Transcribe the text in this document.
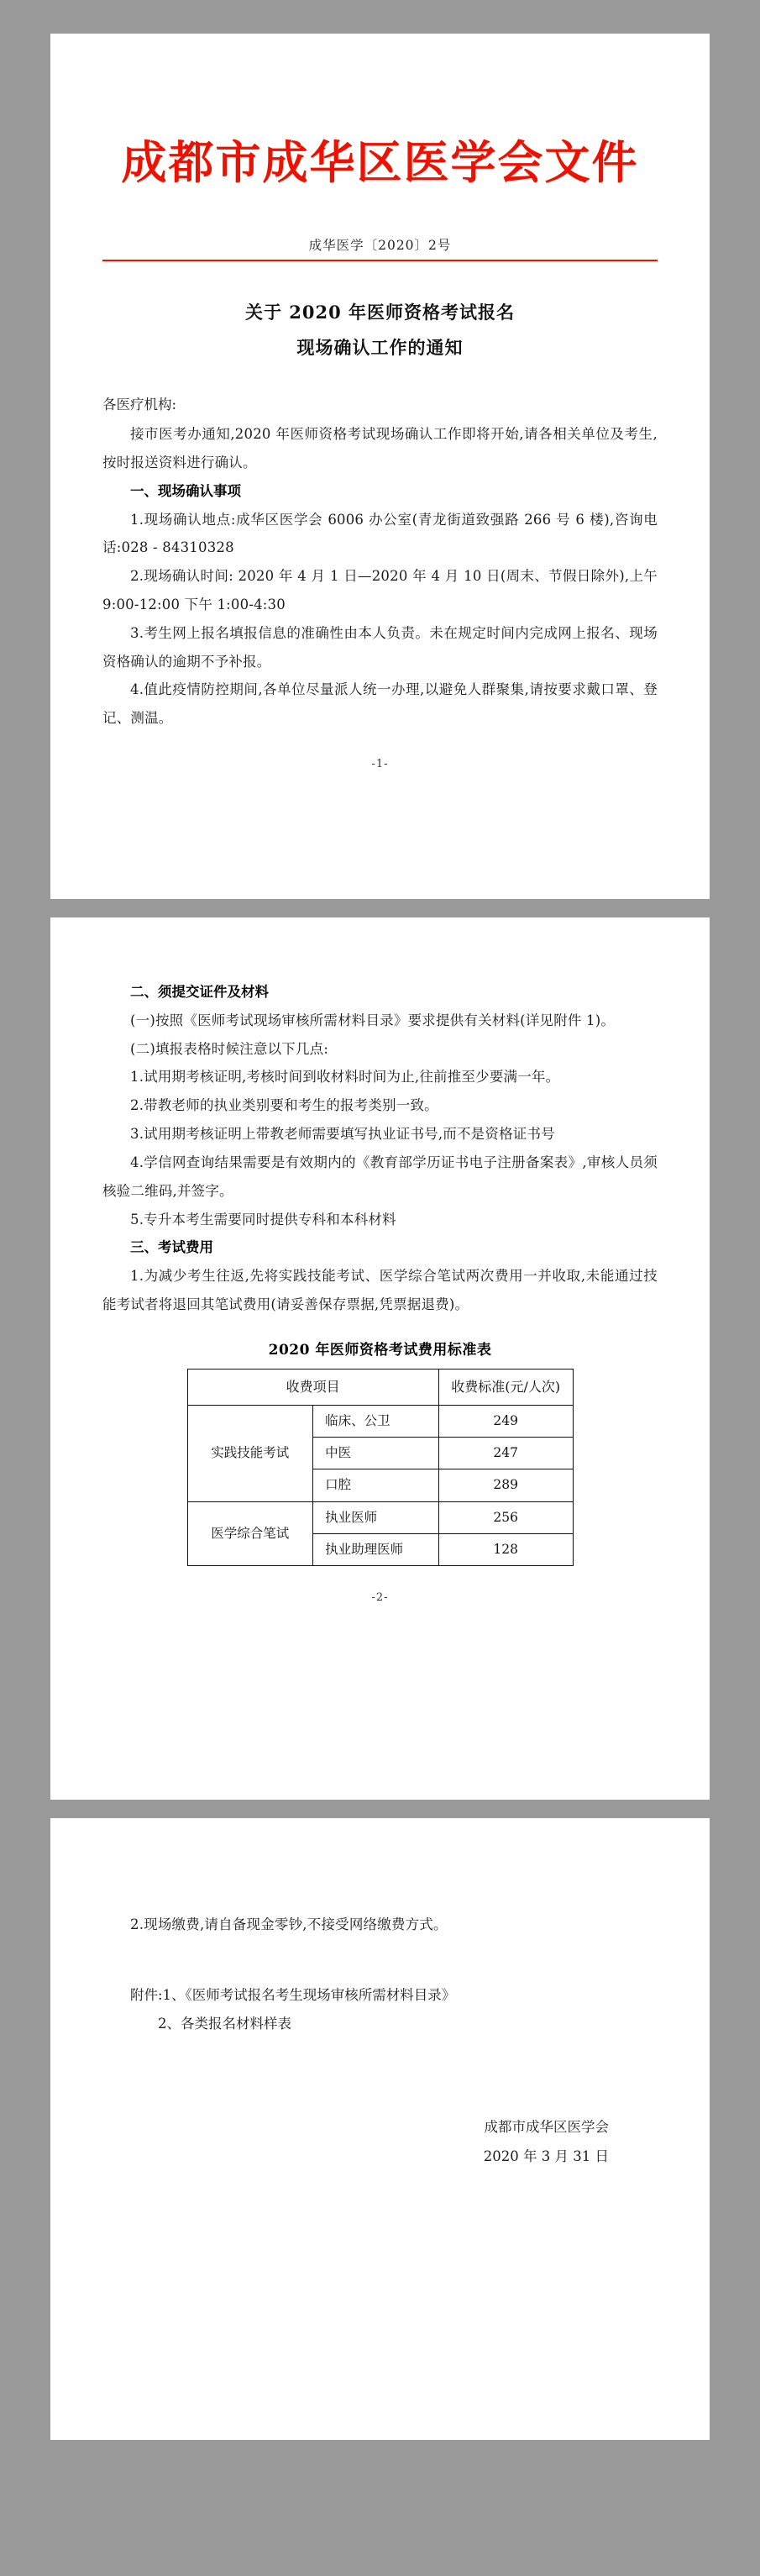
成都市成华区医学会文件
成华医学〔2020〕2号
关于 2020 年医师资格考试报名
现场确认工作的通知
各医疗机构:

接市医考办通知,2020 年医师资格考试现场确认工作即将开始,请各相关单位及考生,按时报送资料进行确认。

一、现场确认事项

1.现场确认地点:成华区医学会 6006 办公室(青龙街道致强路 266 号 6 楼),咨询电话:028 - 84310328

2.现场确认时间: 2020 年 4 月 1 日—2020 年 4 月 10 日(周末、节假日除外),上午 9:00-12:00 下午 1:00-4:30

3.考生网上报名填报信息的准确性由本人负责。未在规定时间内完成网上报名、现场资格确认的逾期不予补报。

4.值此疫情防控期间,各单位尽量派人统一办理,以避免人群聚集,请按要求戴口罩、登记、测温。

-1-
二、须提交证件及材料

(一)按照《医师考试现场审核所需材料目录》要求提供有关材料(详见附件 1)。

(二)填报表格时候注意以下几点:

1.试用期考核证明,考核时间到收材料时间为止,往前推至少要满一年。

2.带教老师的执业类别要和考生的报考类别一致。

3.试用期考核证明上带教老师需要填写执业证书号,而不是资格证书号

4.学信网查询结果需要是有效期内的《教育部学历证书电子注册备案表》,审核人员须核验二维码,并签字。

5.专升本考生需要同时提供专科和本科材料

三、考试费用

1.为减少考生往返,先将实践技能考试、医学综合笔试两次费用一并收取,未能通过技能考试者将退回其笔试费用(请妥善保存票据,凭票据退费)。

2020 年医师资格考试费用标准表
收费项目		收费标准(元/人次)
实践技能考试	临床、公卫	249
	中医	247
	口腔	289
医学综合笔试	执业医师	256
	执业助理医师	128
-2-

2.现场缴费,请自备现金零钞,不接受网络缴费方式。

附件:1、《医师考试报名考生现场审核所需材料目录》
2、各类报名材料样表
成都市成华区医学会
2020 年 3 月 31 日
